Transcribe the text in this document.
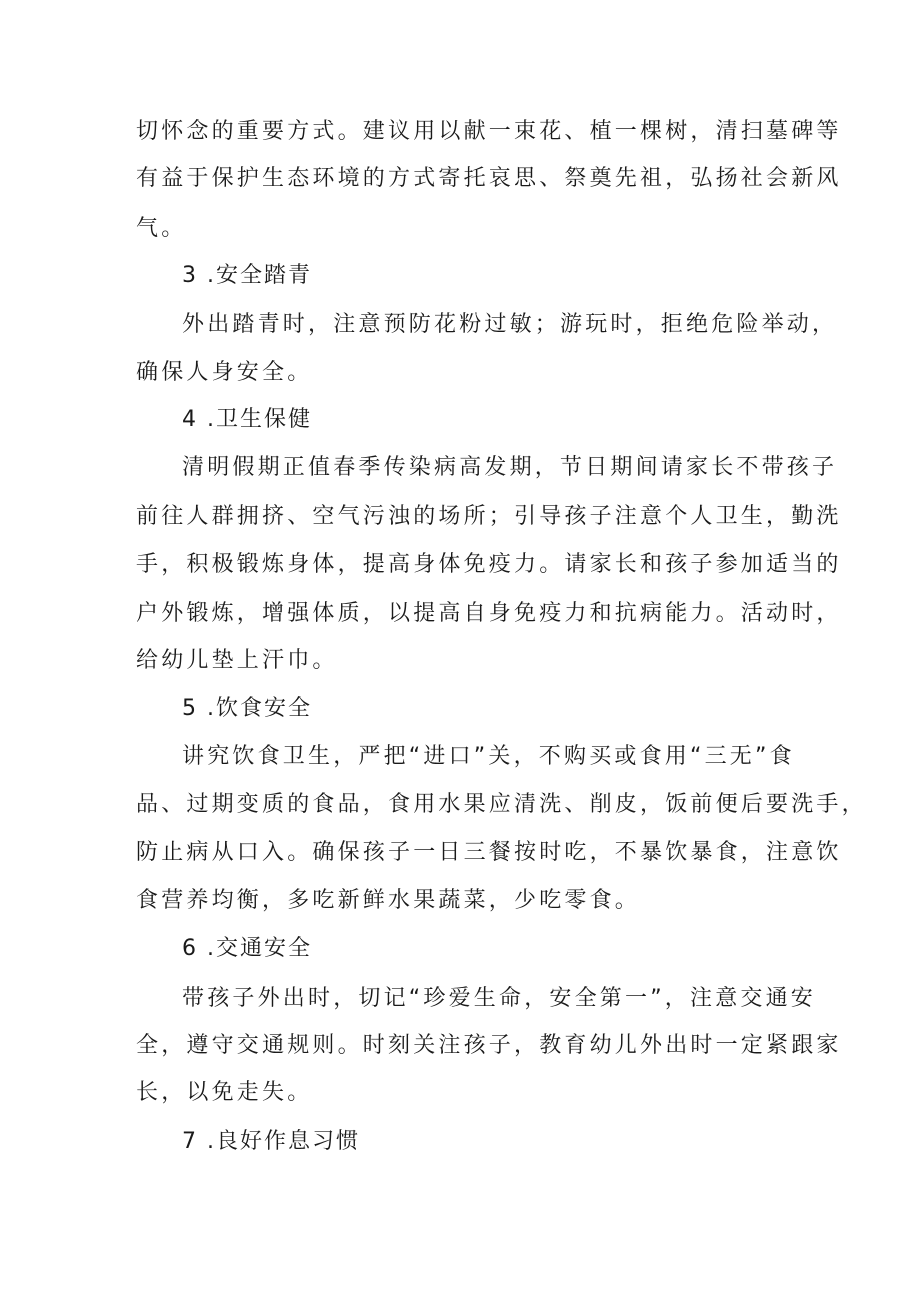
切怀念的重要方式。建议用以献一束花、植一棵树，清扫墓碑等
有益于保护生态环境的方式寄托哀思、祭奠先祖，弘扬社会新风
气。
3 .安全踏青
外出踏青时，注意预防花粉过敏；游玩时，拒绝危险举动，
确保人身安全。
4 .卫生保健
清明假期正值春季传染病高发期，节日期间请家长不带孩子
前往人群拥挤、空气污浊的场所；引导孩子注意个人卫生，勤洗
手，积极锻炼身体，提高身体免疫力。请家长和孩子参加适当的
户外锻炼，增强体质，以提高自身免疫力和抗病能力。活动时，
给幼儿垫上汗巾。
5 .饮食安全
讲究饮食卫生，严把“进口”关，不购买或食用“三无”食
品、过期变质的食品，食用水果应清洗、削皮，饭前便后要洗手，
防止病从口入。确保孩子一日三餐按时吃，不暴饮暴食，注意饮
食营养均衡，多吃新鲜水果蔬菜，少吃零食。
6 .交通安全
带孩子外出时，切记“珍爱生命，安全第一”，注意交通安
全，遵守交通规则。时刻关注孩子，教育幼儿外出时一定紧跟家
长，以免走失。
7 .良好作息习惯
